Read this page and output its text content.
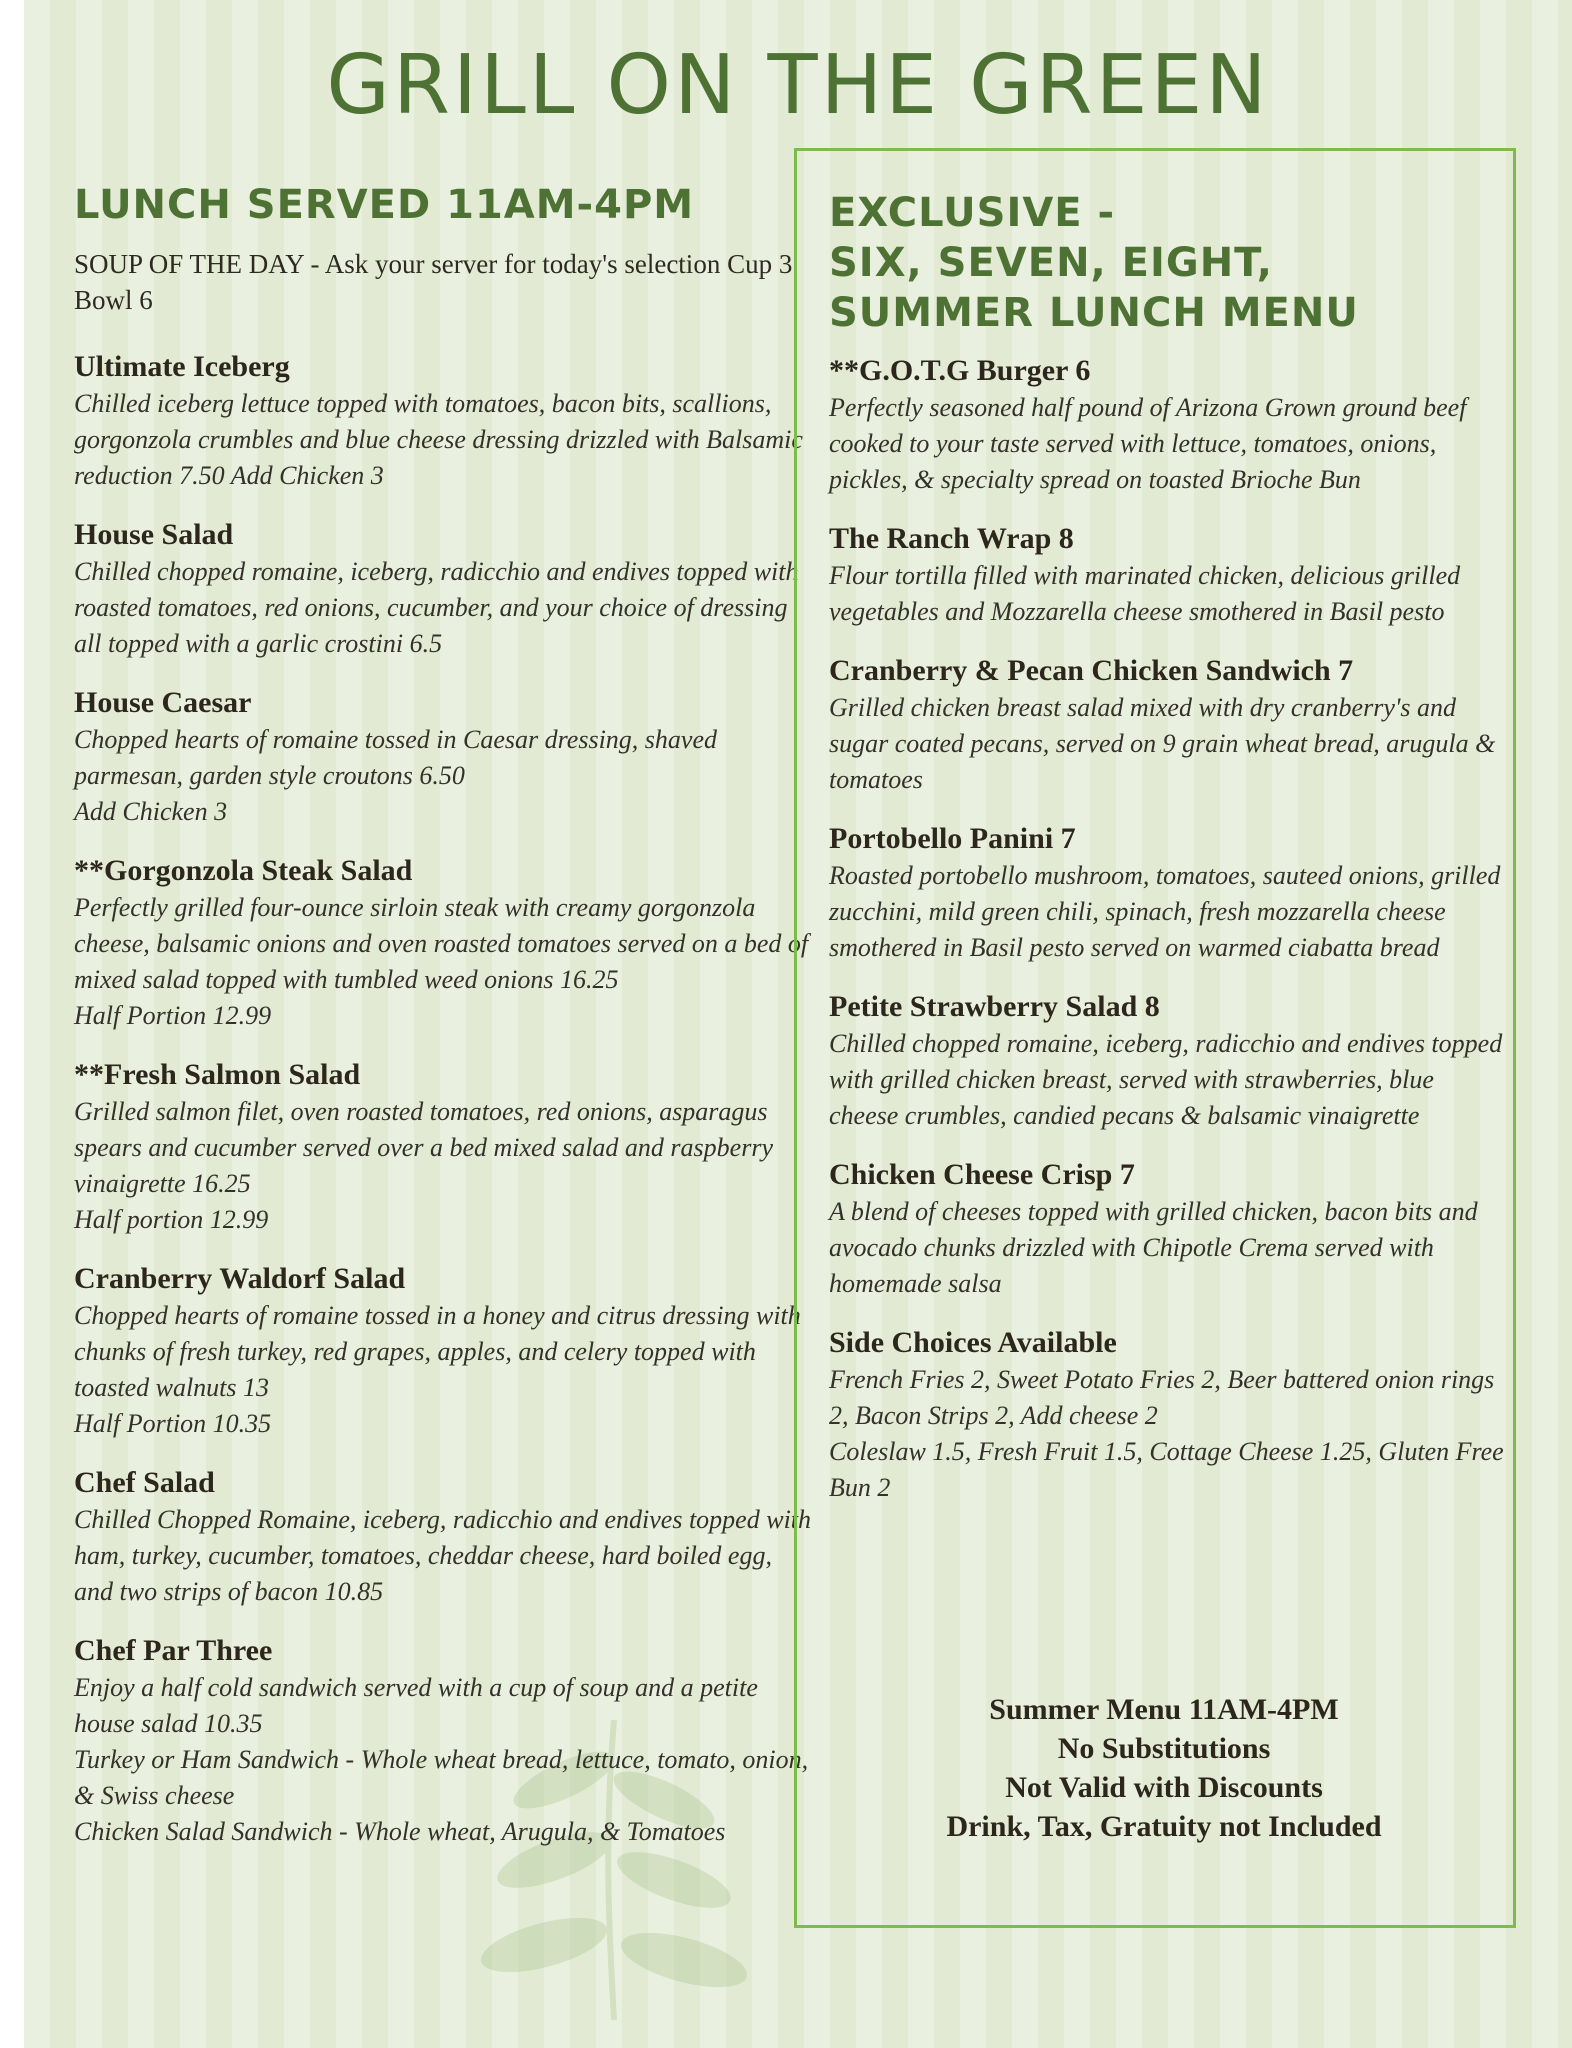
GRILL ON THE GREEN
LUNCH SERVED 11AM-4PM
SOUP OF THE DAY - Ask your server for today's selection Cup 3 Bowl 6
Ultimate Iceberg
Chilled iceberg lettuce topped with tomatoes, bacon bits, scallions, gorgonzola crumbles and blue cheese dressing drizzled with Balsamic reduction 7.50 Add Chicken 3
House Salad
Chilled chopped romaine, iceberg, radicchio and endives topped with roasted tomatoes, red onions, cucumber, and your choice of dressing all topped with a garlic crostini 6.5
House Caesar
Chopped hearts of romaine tossed in Caesar dressing, shaved parmesan, garden style croutons 6.50
Add Chicken 3
**Gorgonzola Steak Salad
Perfectly grilled four-ounce sirloin steak with creamy gorgonzola cheese, balsamic onions and oven roasted tomatoes served on a bed of mixed salad topped with tumbled weed onions 16.25
Half Portion 12.99
**Fresh Salmon Salad
Grilled salmon filet, oven roasted tomatoes, red onions, asparagus spears and cucumber served over a bed mixed salad and raspberry vinaigrette 16.25
Half portion 12.99
Cranberry Waldorf Salad
Chopped hearts of romaine tossed in a honey and citrus dressing with chunks of fresh turkey, red grapes, apples, and celery topped with toasted walnuts 13
Half Portion 10.35
Chef Salad
Chilled Chopped Romaine, iceberg, radicchio and endives topped with ham, turkey, cucumber, tomatoes, cheddar cheese, hard boiled egg, and two strips of bacon 10.85
Chef Par Three
Enjoy a half cold sandwich served with a cup of soup and a petite house salad 10.35
Turkey or Ham Sandwich - Whole wheat bread, lettuce, tomato, onion, & Swiss cheese
Chicken Salad Sandwich - Whole wheat, Arugula, & Tomatoes
EXCLUSIVE -
SIX, SEVEN, EIGHT,
SUMMER LUNCH MENU
**G.O.T.G Burger 6
Perfectly seasoned half pound of Arizona Grown ground beef cooked to your taste served with lettuce, tomatoes, onions, pickles, & specialty spread on toasted Brioche Bun
The Ranch Wrap 8
Flour tortilla filled with marinated chicken, delicious grilled vegetables and Mozzarella cheese smothered in Basil pesto
Cranberry & Pecan Chicken Sandwich 7
Grilled chicken breast salad mixed with dry cranberry's and sugar coated pecans, served on 9 grain wheat bread, arugula & tomatoes
Portobello Panini 7
Roasted portobello mushroom, tomatoes, sauteed onions, grilled zucchini, mild green chili, spinach, fresh mozzarella cheese smothered in Basil pesto served on warmed ciabatta bread
Petite Strawberry Salad 8
Chilled chopped romaine, iceberg, radicchio and endives topped with grilled chicken breast, served with strawberries, blue cheese crumbles, candied pecans & balsamic vinaigrette
Chicken Cheese Crisp 7
A blend of cheeses topped with grilled chicken, bacon bits and avocado chunks drizzled with Chipotle Crema served with homemade salsa
Side Choices Available
French Fries 2, Sweet Potato Fries 2, Beer battered onion rings 2, Bacon Strips 2, Add cheese 2
Coleslaw 1.5, Fresh Fruit 1.5, Cottage Cheese 1.25, Gluten Free Bun 2
Summer Menu 11AM-4PM
No Substitutions
Not Valid with Discounts
Drink, Tax, Gratuity not Included
